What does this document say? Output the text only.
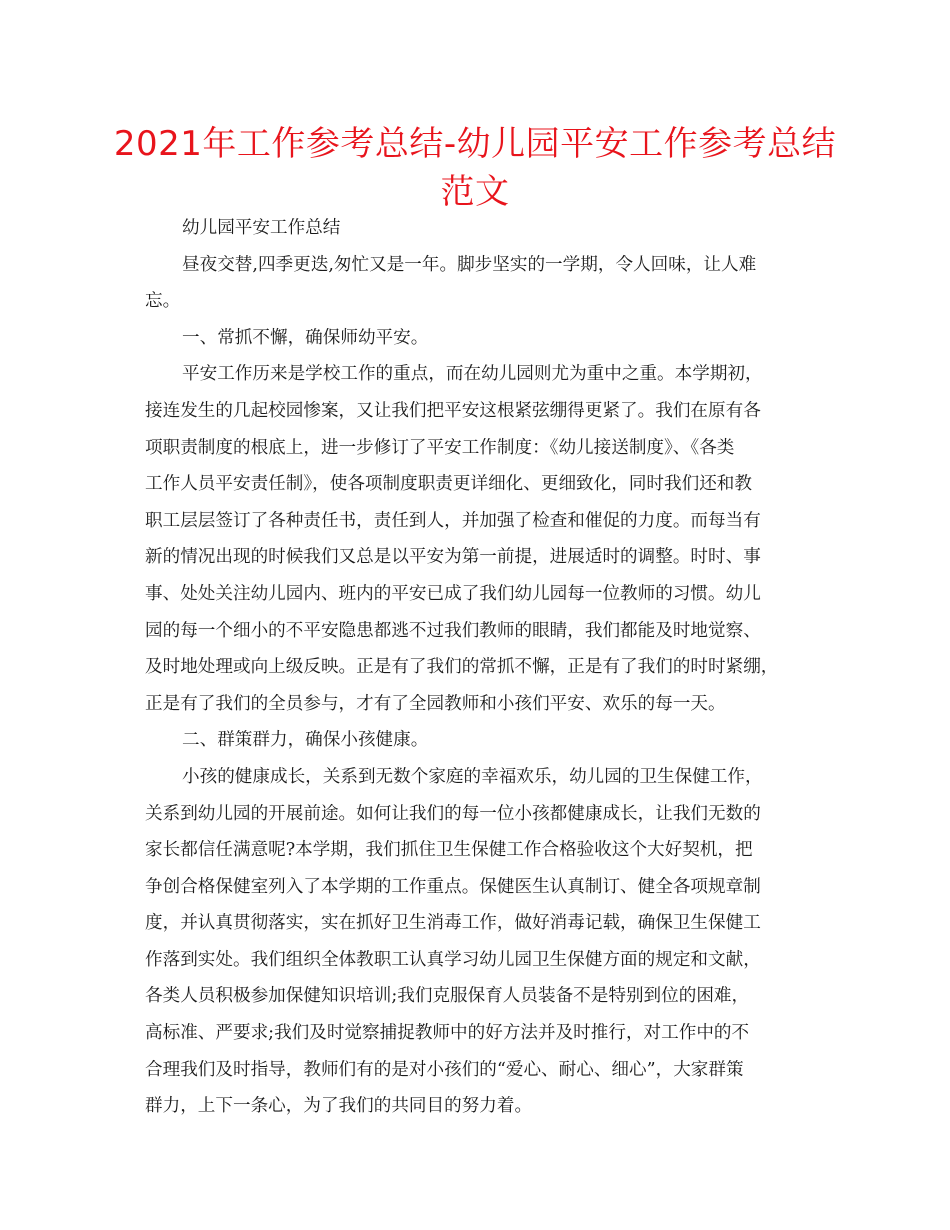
2021年工作参考总结-幼儿园平安工作参考总结
范文

幼儿园平安工作总结

昼夜交替,四季更迭,匆忙又是一年。脚步坚实的一学期，令人回味，让人难
忘。

一、常抓不懈，确保师幼平安。

平安工作历来是学校工作的重点，而在幼儿园则尤为重中之重。本学期初，
接连发生的几起校园惨案，又让我们把平安这根紧弦绷得更紧了。我们在原有各
项职责制度的根底上，进一步修订了平安工作制度：《幼儿接送制度》、《各类
工作人员平安责任制》，使各项制度职责更详细化、更细致化，同时我们还和教
职工层层签订了各种责任书，责任到人，并加强了检查和催促的力度。而每当有
新的情况出现的时候我们又总是以平安为第一前提，进展适时的调整。时时、事
事、处处关注幼儿园内、班内的平安已成了我们幼儿园每一位教师的习惯。幼儿
园的每一个细小的不平安隐患都逃不过我们教师的眼睛，我们都能及时地觉察、
及时地处理或向上级反映。正是有了我们的常抓不懈，正是有了我们的时时紧绷，
正是有了我们的全员参与，才有了全园教师和小孩们平安、欢乐的每一天。

二、群策群力，确保小孩健康。

小孩的健康成长，关系到无数个家庭的幸福欢乐，幼儿园的卫生保健工作，
关系到幼儿园的开展前途。如何让我们的每一位小孩都健康成长，让我们无数的
家长都信任满意呢?本学期，我们抓住卫生保健工作合格验收这个大好契机，把
争创合格保健室列入了本学期的工作重点。保健医生认真制订、健全各项规章制
度，并认真贯彻落实，实在抓好卫生消毒工作，做好消毒记载，确保卫生保健工
作落到实处。我们组织全体教职工认真学习幼儿园卫生保健方面的规定和文献，
各类人员积极参加保健知识培训;我们克服保育人员装备不是特别到位的困难，
高标准、严要求;我们及时觉察捕捉教师中的好方法并及时推行，对工作中的不
合理我们及时指导，教师们有的是对小孩们的“爱心、耐心、细心”，大家群策
群力，上下一条心，为了我们的共同目的努力着。
